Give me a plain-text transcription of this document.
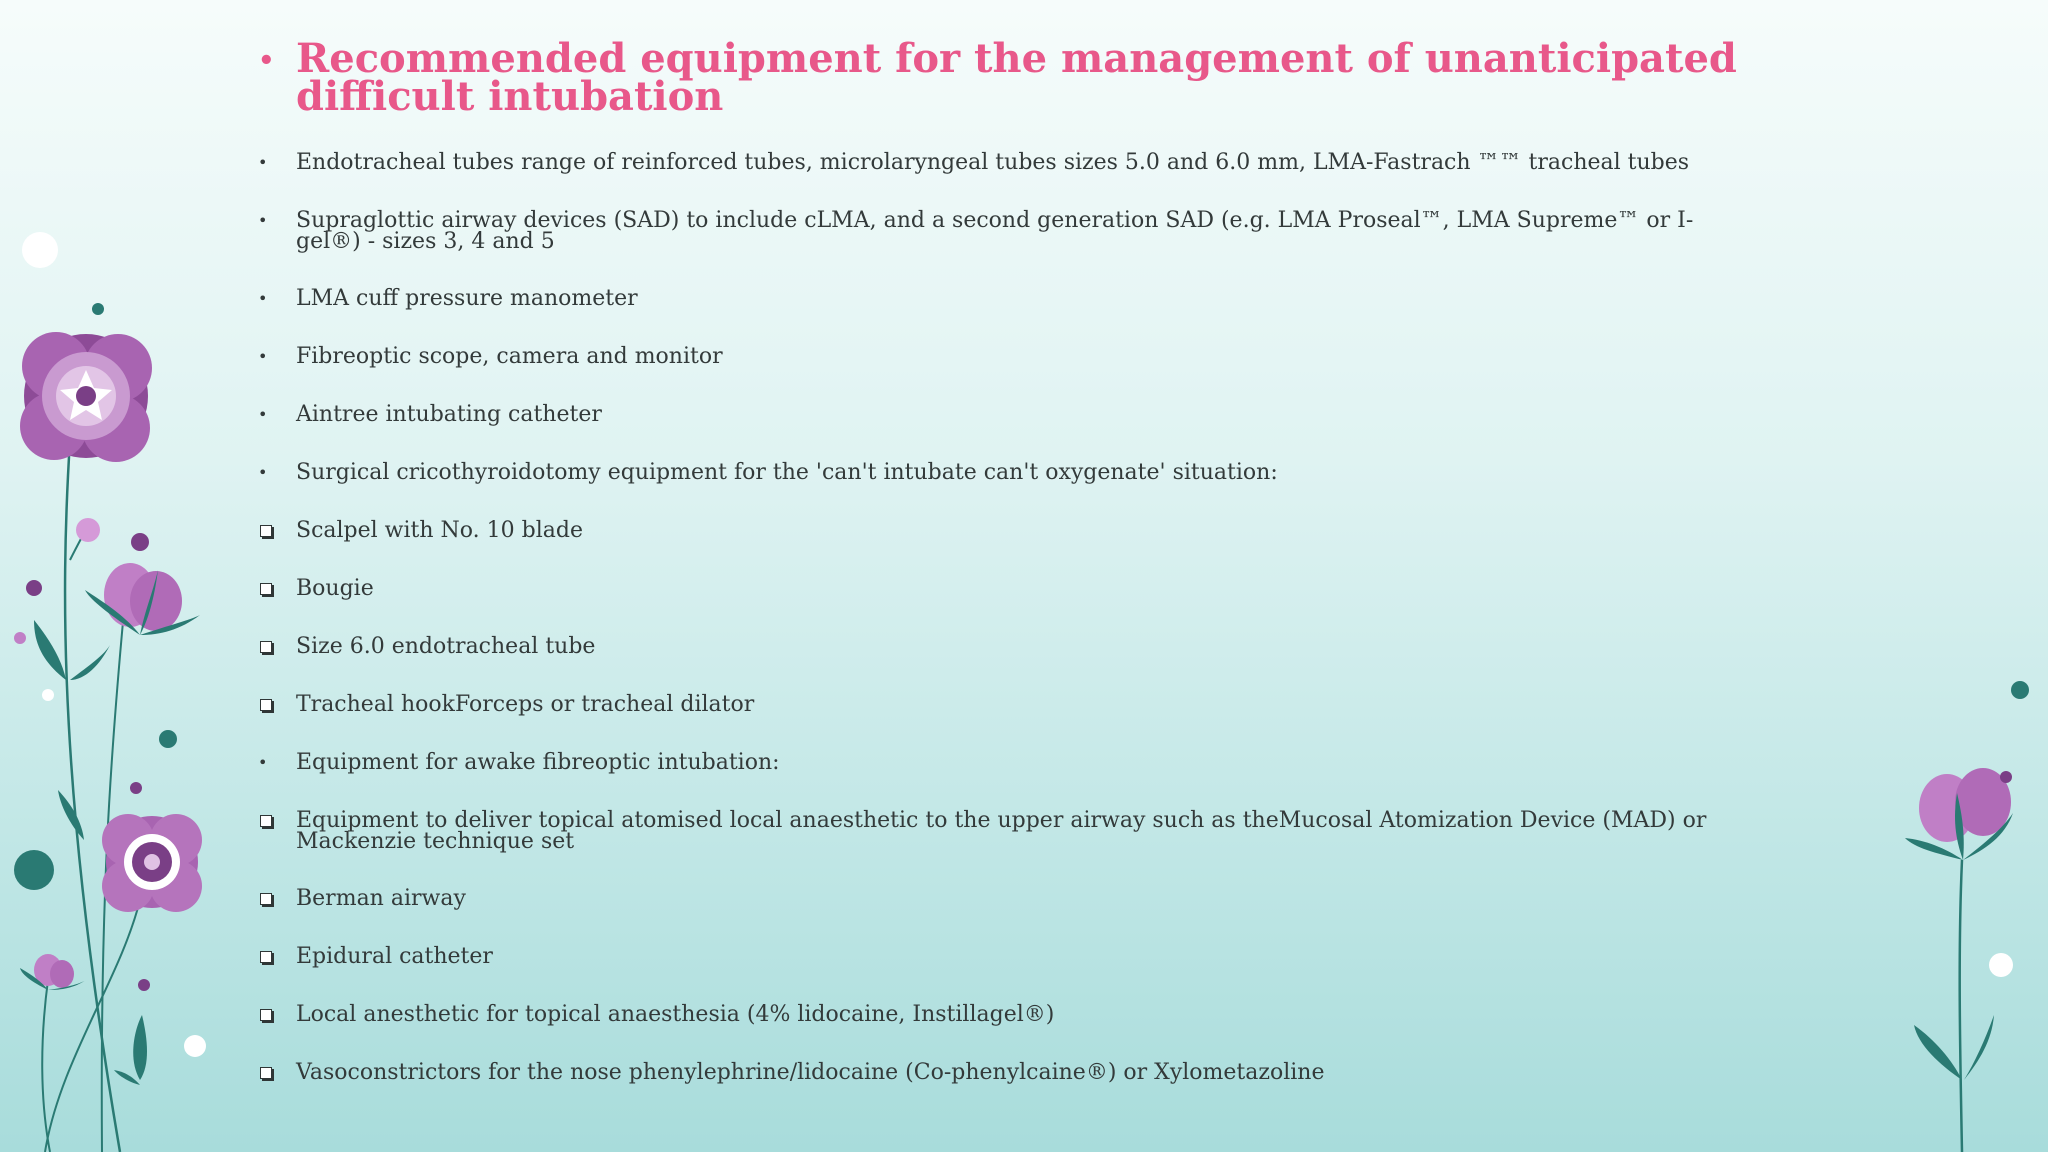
• Recommended equipment for the management of unanticipated difficult intubation
•	Endotracheal tubes range of reinforced tubes, microlaryngeal tubes sizes 5.0 and 6.0 mm, LMA-Fastrach ™™ tracheal tubes
•	Supraglottic airway devices (SAD) to include cLMA, and a second generation SAD (e.g. LMA Proseal™, LMA Supreme™ or I-gel®) - sizes 3, 4 and 5
•	LMA cuff pressure manometer
•	Fibreoptic scope, camera and monitor
•	Aintree intubating catheter
•	Surgical cricothyroidotomy equipment for the 'can't intubate can't oxygenate' situation:
Scalpel with No. 10 blade
Bougie
Size 6.0 endotracheal tube
Tracheal hookForceps or tracheal dilator
•	Equipment for awake fibreoptic intubation:
Equipment to deliver topical atomised local anaesthetic to the upper airway such as theMucosal Atomization Device (MAD) or Mackenzie technique set
Berman airway
Epidural catheter
Local anesthetic for topical anaesthesia (4% lidocaine, Instillagel®)
Vasoconstrictors for the nose phenylephrine/lidocaine (Co-phenylcaine®) or Xylometazoline
